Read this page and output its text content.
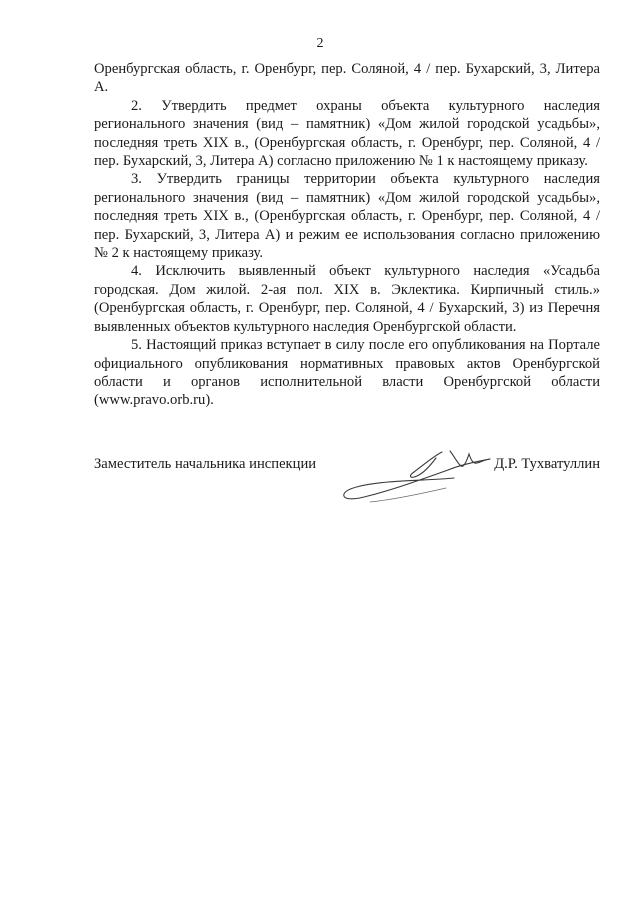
2

Оренбургская область, г. Оренбург, пер. Соляной, 4 / пер. Бухарский, 3, Литера А.

2. Утвердить предмет охраны объекта культурного наследия регионального значения (вид – памятник) «Дом жилой городской усадьбы», последняя треть XIX в., (Оренбургская область, г. Оренбург, пер. Соляной, 4 / пер. Бухарский, 3, Литера А) согласно приложению № 1 к настоящему приказу.

3. Утвердить границы территории объекта культурного наследия регионального значения (вид – памятник) «Дом жилой городской усадьбы», последняя треть XIX в., (Оренбургская область, г. Оренбург, пер. Соляной, 4 / пер. Бухарский, 3, Литера А) и режим ее использования согласно приложению № 2 к настоящему приказу.

4. Исключить выявленный объект культурного наследия «Усадьба городская. Дом жилой. 2-ая пол. XIX в. Эклектика. Кирпичный стиль.» (Оренбургская область, г. Оренбург, пер. Соляной, 4 / Бухарский, 3) из Перечня выявленных объектов культурного наследия Оренбургской области.

5. Настоящий приказ вступает в силу после его опубликования на Портале официального опубликования нормативных правовых актов Оренбургской области и органов исполнительной власти Оренбургской области (www.pravo.orb.ru).

Заместитель начальника инспекции	Д.Р. Тухватуллин
